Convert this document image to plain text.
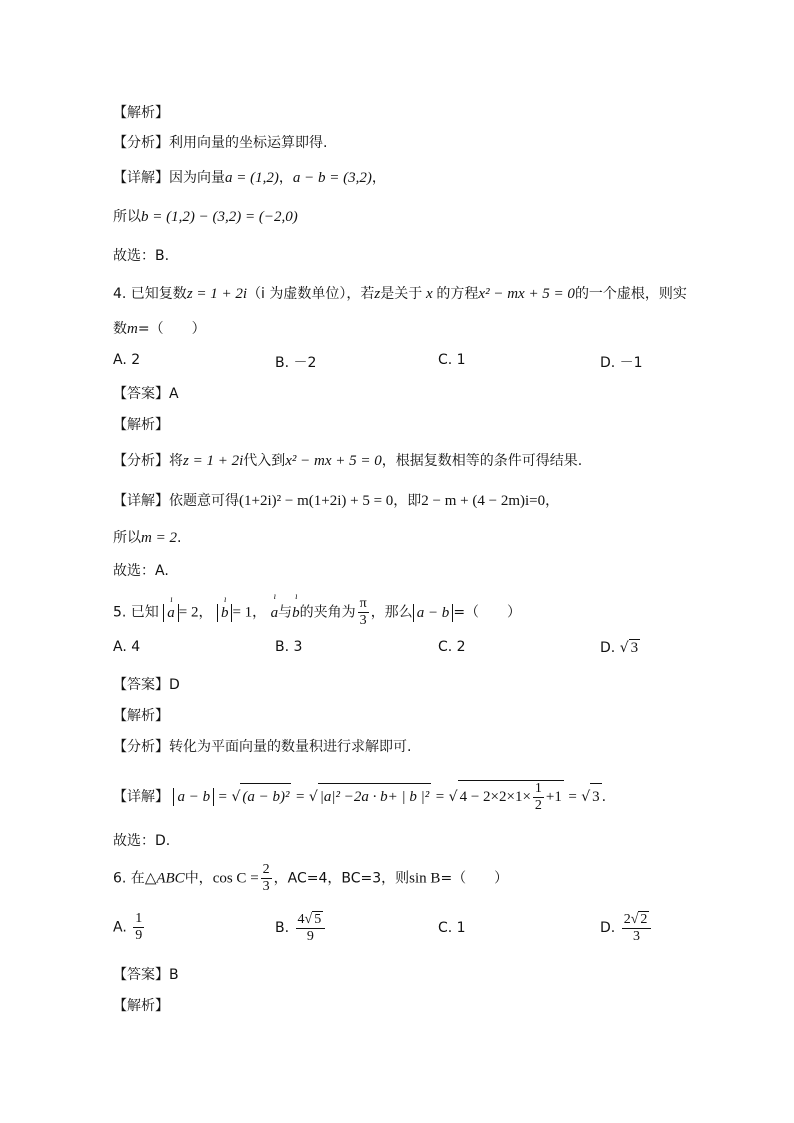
【解析】
【分析】利用向量的坐标运算即得.
【详解】因为向量a = (1,2)，a − b = (3,2)，
所以b = (1,2) − (3,2) = (−2,0)
故选：B.
4. 已知复数z = 1 + 2i（i 为虚数单位），若z是关于 x 的方程x² − mx + 5 = 0的一个虚根，则实
数m=（　　）
A. 2	B. －2	C. 1	D. －1
【答案】A
【解析】
【分析】将z = 1 + 2i代入到x² − mx + 5 = 0，根据复数相等的条件可得结果.
【详解】依题意可得(1+2i)² − m(1+2i) + 5 = 0，即2 − m + (4 − 2m)i=0，
所以m = 2.
故选：A.
5. 已知 ı a = 2， ı b = 1， ı a与ı b的夹角为 $\frac{\pi}{3}$ ，那么 a − b =（　　）
A. 4	B. 3	C. 2	D. √ 3
【答案】D
【解析】
【分析】转化为平面向量的数量积进行求解即可.
【详解】 a − b = √ (a − b)² = √ |a|² −2a · b+ | b |² = √ $4 - 2\times 2\times 1\times \frac{1}{2} +1$ = √ 3 .
故选：D.
6. 在△ABC中，$\cos C = \frac{2}{3}$ ，AC=4，BC=3，则sin B=（　　）
A. $\frac{1}{9}$	B. $\frac{4√ 5}{9}$	C. 1	D. $\frac{2√ 2}{3}$
【答案】B
【解析】
